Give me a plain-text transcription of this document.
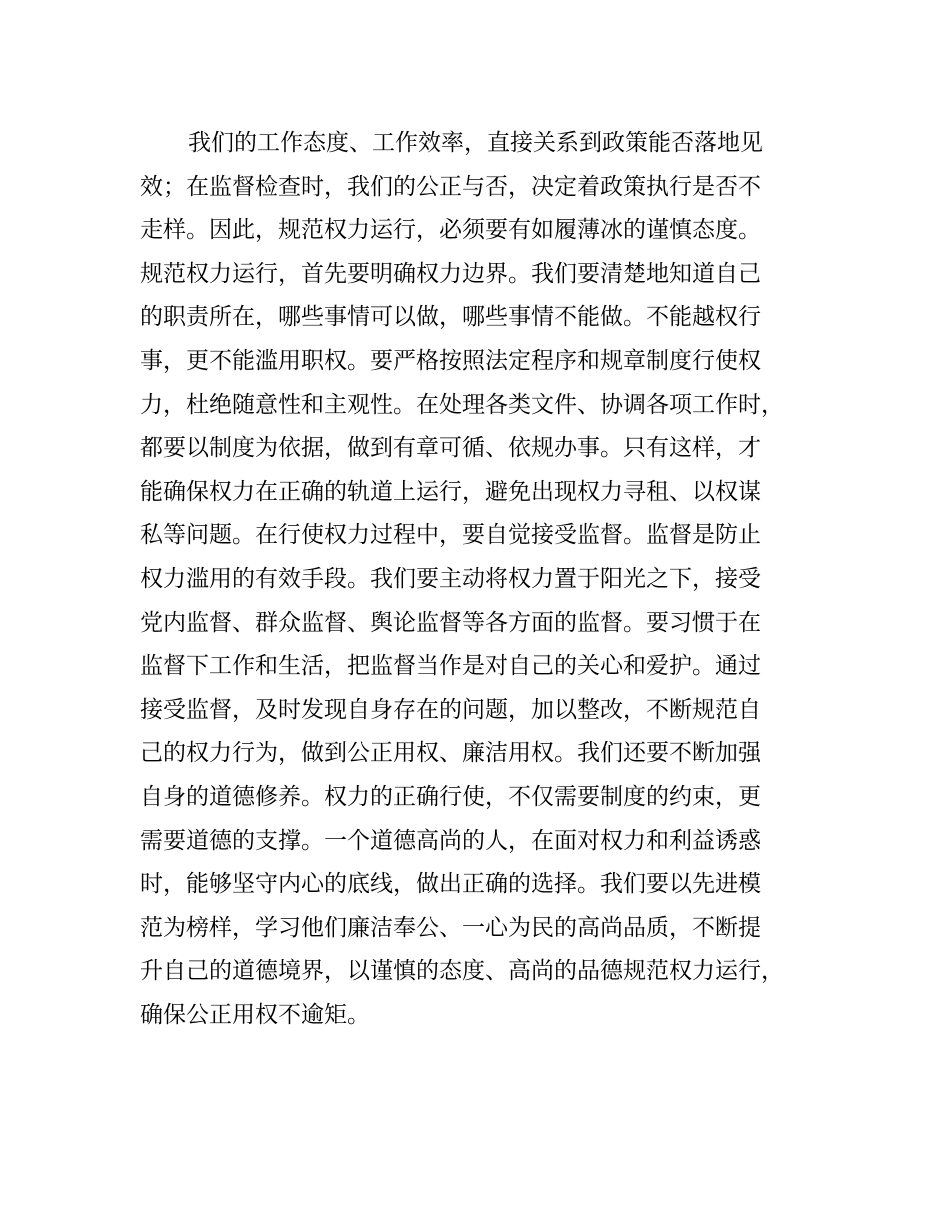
我们的工作态度、工作效率，直接关系到政策能否落地见
效；在监督检查时，我们的公正与否，决定着政策执行是否不
走样。因此，规范权力运行，必须要有如履薄冰的谨慎态度。
规范权力运行，首先要明确权力边界。我们要清楚地知道自己
的职责所在，哪些事情可以做，哪些事情不能做。不能越权行
事，更不能滥用职权。要严格按照法定程序和规章制度行使权
力，杜绝随意性和主观性。在处理各类文件、协调各项工作时，
都要以制度为依据，做到有章可循、依规办事。只有这样，才
能确保权力在正确的轨道上运行，避免出现权力寻租、以权谋
私等问题。在行使权力过程中，要自觉接受监督。监督是防止
权力滥用的有效手段。我们要主动将权力置于阳光之下，接受
党内监督、群众监督、舆论监督等各方面的监督。要习惯于在
监督下工作和生活，把监督当作是对自己的关心和爱护。通过
接受监督，及时发现自身存在的问题，加以整改，不断规范自
己的权力行为，做到公正用权、廉洁用权。我们还要不断加强
自身的道德修养。权力的正确行使，不仅需要制度的约束，更
需要道德的支撑。一个道德高尚的人，在面对权力和利益诱惑
时，能够坚守内心的底线，做出正确的选择。我们要以先进模
范为榜样，学习他们廉洁奉公、一心为民的高尚品质，不断提
升自己的道德境界，以谨慎的态度、高尚的品德规范权力运行，
确保公正用权不逾矩。
